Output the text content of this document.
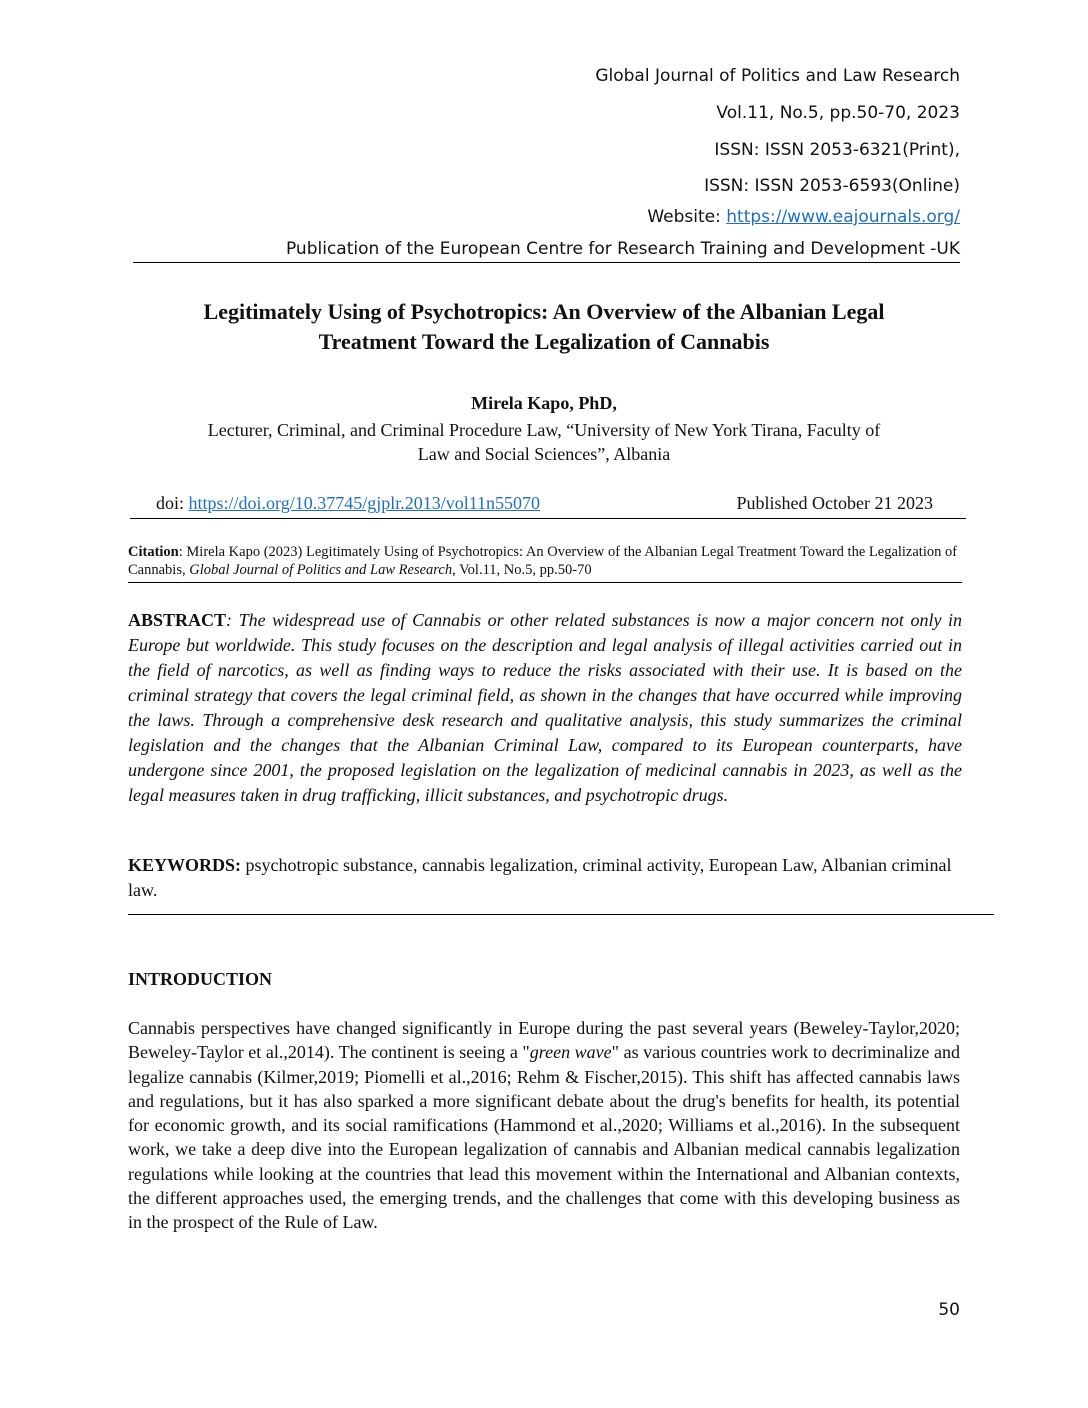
Global Journal of Politics and Law Research
Vol.11, No.5, pp.50-70, 2023
ISSN: ISSN 2053-6321(Print),
ISSN: ISSN 2053-6593(Online)
Website: https://www.eajournals.org/
Publication of the European Centre for Research Training and Development -UK
Legitimately Using of Psychotropics: An Overview of the Albanian Legal
Treatment Toward the Legalization of Cannabis
Mirela Kapo, PhD,
Lecturer, Criminal, and Criminal Procedure Law, “University of New York Tirana, Faculty of
Law and Social Sciences”, Albania
doi: https://doi.org/10.37745/gjplr.2013/vol11n55070	Published October 21 2023
Citation: Mirela Kapo (2023) Legitimately Using of Psychotropics: An Overview of the Albanian Legal Treatment Toward the Legalization of Cannabis, Global Journal of Politics and Law Research, Vol.11, No.5, pp.50-70
ABSTRACT: The widespread use of Cannabis or other related substances is now a major concern not only in Europe but worldwide. This study focuses on the description and legal analysis of illegal activities carried out in the field of narcotics, as well as finding ways to reduce the risks associated with their use. It is based on the criminal strategy that covers the legal criminal field, as shown in the changes that have occurred while improving the laws. Through a comprehensive desk research and qualitative analysis, this study summarizes the criminal legislation and the changes that the Albanian Criminal Law, compared to its European counterparts, have undergone since 2001, the proposed legislation on the legalization of medicinal cannabis in 2023, as well as the legal measures taken in drug trafficking, illicit substances, and psychotropic drugs.
KEYWORDS: psychotropic substance, cannabis legalization, criminal activity, European Law, Albanian criminal law.
INTRODUCTION
Cannabis perspectives have changed significantly in Europe during the past several years (Beweley-Taylor,2020; Beweley-Taylor et al.,2014). The continent is seeing a "green wave" as various countries work to decriminalize and legalize cannabis (Kilmer,2019; Piomelli et al.,2016; Rehm & Fischer,2015). This shift has affected cannabis laws and regulations, but it has also sparked a more significant debate about the drug's benefits for health, its potential for economic growth, and its social ramifications (Hammond et al.,2020; Williams et al.,2016). In the subsequent work, we take a deep dive into the European legalization of cannabis and Albanian medical cannabis legalization regulations while looking at the countries that lead this movement within the International and Albanian contexts, the different approaches used, the emerging trends, and the challenges that come with this developing business as in the prospect of the Rule of Law.
50
